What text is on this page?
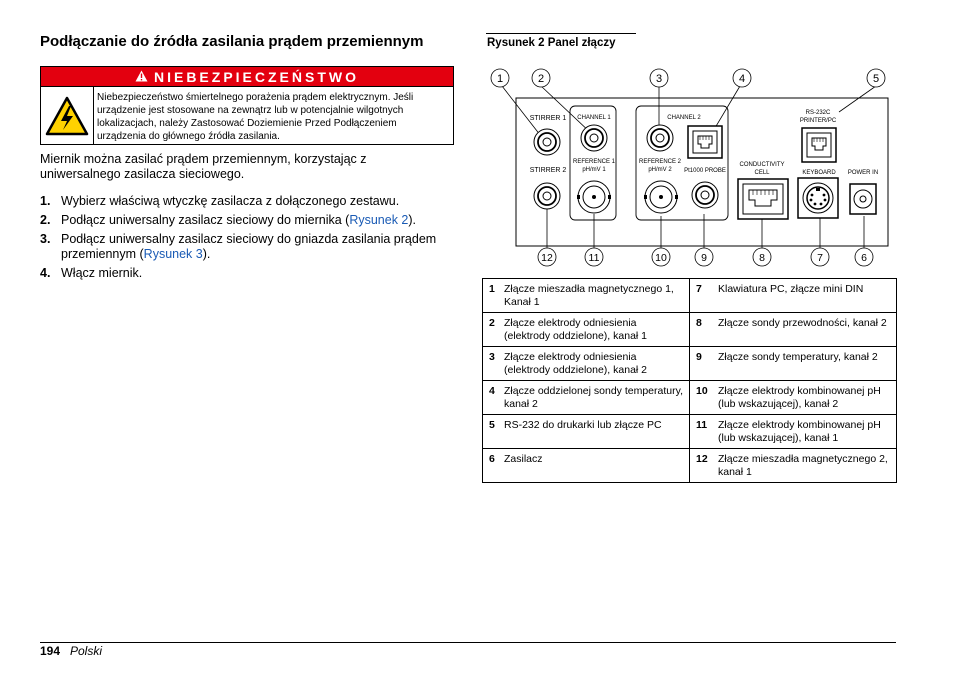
Podłączanie do źródła zasilania prądem przemiennym
NIEBEZPIECZEŃSTWO
Niebezpieczeństwo śmiertelnego porażenia prądem elektrycznym. Jeśli urządzenie jest stosowane na zewnątrz lub w potencjalnie wilgotnych lokalizacjach, należy Zastosować Doziemienie Przed Podłączeniem urządzenia do głównego źródła zasilania.
Miernik można zasilać prądem przemiennym, korzystając z uniwersalnego zasilacza sieciowego.
1. Wybierz właściwą wtyczkę zasilacza z dołączonego zestawu.
2. Podłącz uniwersalny zasilacz sieciowy do miernika (Rysunek 2).
3. Podłącz uniwersalny zasilacz sieciowy do gniazda zasilania prądem przemiennym (Rysunek 3).
4. Włącz miernik.
Rysunek 2 Panel złączy
1	2	3	4	5
12	11	10	9	8	7	6
STIRRER 1
STIRRER 2
CHANNEL 1
REFERENCE 1
pH/mV 1
CHANNEL 2
REFERENCE 2
pH/mV 2 Pt1000 PROBE
CONDUCTIVITY
CELL
RS-232C
PRINTER/PC
KEYBOARD POWER IN
1 Złącze mieszadła magnetycznego 1, Kanał 1	7 Klawiatura PC, złącze mini DIN

2 Złącze elektrody odniesienia (elektrody oddzielone), kanał 1	8 Złącze sondy przewodności, kanał 2

3 Złącze elektrody odniesienia (elektrody oddzielone), kanał 2	9 Złącze sondy temperatury, kanał 2

4 Złącze oddzielonej sondy temperatury, kanał 2	10 Złącze elektrody kombinowanej pH (lub wskazującej), kanał 2

5 RS-232 do drukarki lub złącze PC	11 Złącze elektrody kombinowanej pH (lub wskazującej), kanał 1

6 Zasilacz	12 Złącze mieszadła magnetycznego 2, kanał 1
194 Polski
